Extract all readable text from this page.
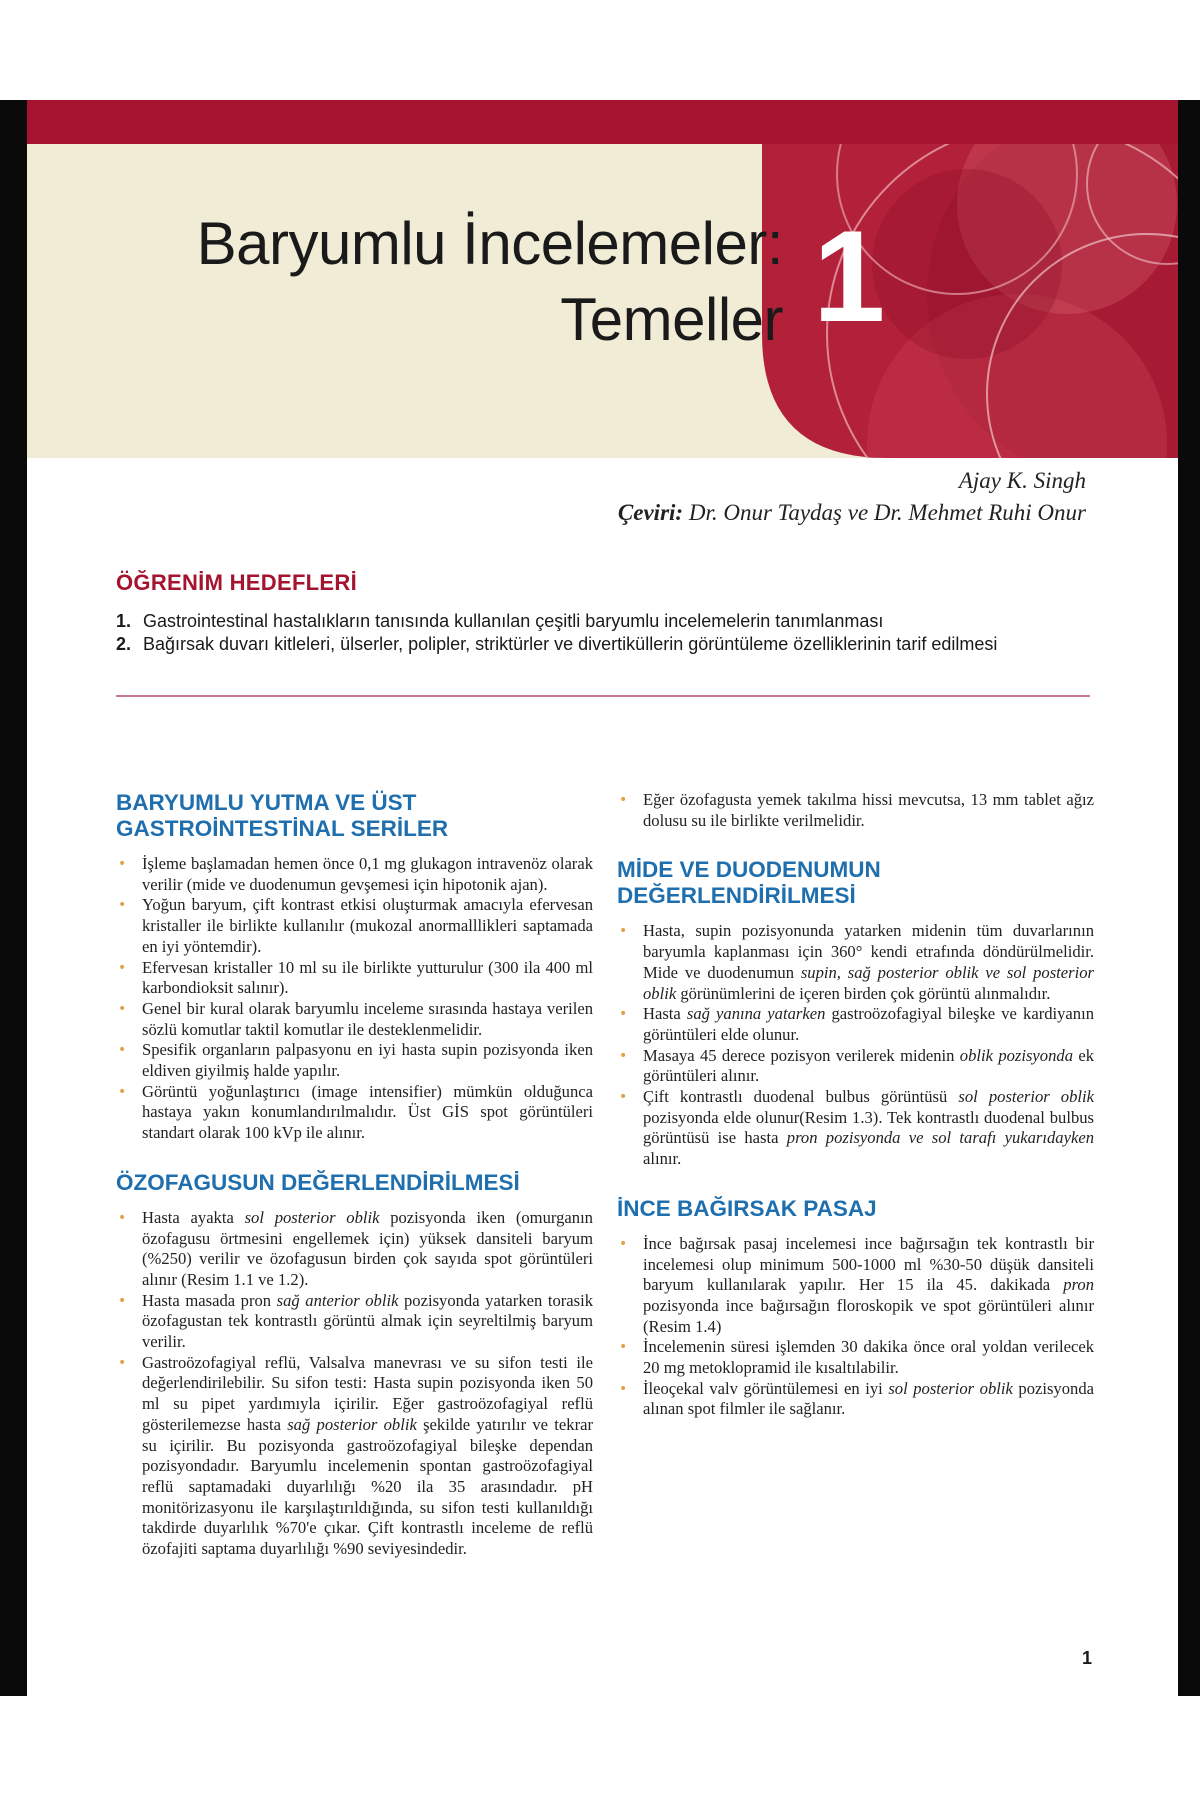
Baryumlu İncelemeler:
Temeller 1
Ajay K. Singh
Çeviri: Dr. Onur Taydaş ve Dr. Mehmet Ruhi Onur
ÖĞRENİM HEDEFLERİ
1. Gastrointestinal hastalıkların tanısında kullanılan çeşitli baryumlu incelemelerin tanımlanması
2. Bağırsak duvarı kitleleri, ülserler, polipler, striktürler ve divertiküllerin görüntüleme özelliklerinin tarif edilmesi
BARYUMLU YUTMA VE ÜST GASTROİNTESTİNAL SERİLER
• İşleme başlamadan hemen önce 0,1 mg glukagon intravenöz olarak verilir (mide ve duodenumun gevşemesi için hipotonik ajan).
• Yoğun baryum, çift kontrast etkisi oluşturmak amacıyla efervesan kristaller ile birlikte kullanılır (mukozal anormalllikleri saptamada en iyi yöntemdir).
• Efervesan kristaller 10 ml su ile birlikte yutturulur (300 ila 400 ml karbondioksit salınır).
• Genel bir kural olarak baryumlu inceleme sırasında hastaya verilen sözlü komutlar taktil komutlar ile desteklenmelidir.
• Spesifik organların palpasyonu en iyi hasta supin pozisyonda iken eldiven giyilmiş halde yapılır.
• Görüntü yoğunlaştırıcı (image intensifier) mümkün olduğunca hastaya yakın konumlandırılmalıdır. Üst GİS spot görüntüleri standart olarak 100 kVp ile alınır.
ÖZOFAGUSUN DEĞERLENDİRİLMESİ
• Hasta ayakta sol posterior oblik pozisyonda iken (omurganın özofagusu örtmesini engellemek için) yüksek dansiteli baryum (%250) verilir ve özofagusun birden çok sayıda spot görüntüleri alınır (Resim 1.1 ve 1.2).
• Hasta masada pron sağ anterior oblik pozisyonda yatarken torasik özofagustan tek kontrastlı görüntü almak için seyreltilmiş baryum verilir.
• Gastroözofagiyal reflü, Valsalva manevrası ve su sifon testi ile değerlendirilebilir. Su sifon testi: Hasta supin pozisyonda iken 50 ml su pipet yardımıyla içirilir. Eğer gastroözofagiyal reflü gösterilemezse hasta sağ posterior oblik şekilde yatırılır ve tekrar su içirilir. Bu pozisyonda gastroözofagiyal bileşke dependan pozisyondadır. Baryumlu incelemenin spontan gastroözofagiyal reflü saptamadaki duyarlılığı %20 ila 35 arasındadır. pH monitörizasyonu ile karşılaştırıldığında, su sifon testi kullanıldığı takdirde duyarlılık %70'e çıkar. Çift kontrastlı inceleme de reflü özofajiti saptama duyarlılığı %90 seviyesindedir.
• Eğer özofagusta yemek takılma hissi mevcutsa, 13 mm tablet ağız dolusu su ile birlikte verilmelidir.
MİDE VE DUODENUMUN DEĞERLENDİRİLMESİ
• Hasta, supin pozisyonunda yatarken midenin tüm duvarlarının baryumla kaplanması için 360° kendi etrafında döndürülmelidir. Mide ve duodenumun supin, sağ posterior oblik ve sol posterior oblik görünümlerini de içeren birden çok görüntü alınmalıdır.
• Hasta sağ yanına yatarken gastroözofagiyal bileşke ve kardiyanın görüntüleri elde olunur.
• Masaya 45 derece pozisyon verilerek midenin oblik pozisyonda ek görüntüleri alınır.
• Çift kontrastlı duodenal bulbus görüntüsü sol posterior oblik pozisyonda elde olunur(Resim 1.3). Tek kontrastlı duodenal bulbus görüntüsü ise hasta pron pozisyonda ve sol tarafı yukarıdayken alınır.
İNCE BAĞIRSAK PASAJ
• İnce bağırsak pasaj incelemesi ince bağırsağın tek kontrastlı bir incelemesi olup minimum 500-1000 ml %30-50 düşük dansiteli baryum kullanılarak yapılır. Her 15 ila 45. dakikada pron pozisyonda ince bağırsağın floroskopik ve spot görüntüleri alınır (Resim 1.4)
• İncelemenin süresi işlemden 30 dakika önce oral yoldan verilecek 20 mg metoklopramid ile kısaltılabilir.
• İleoçekal valv görüntülemesi en iyi sol posterior oblik pozisyonda alınan spot filmler ile sağlanır.
1
